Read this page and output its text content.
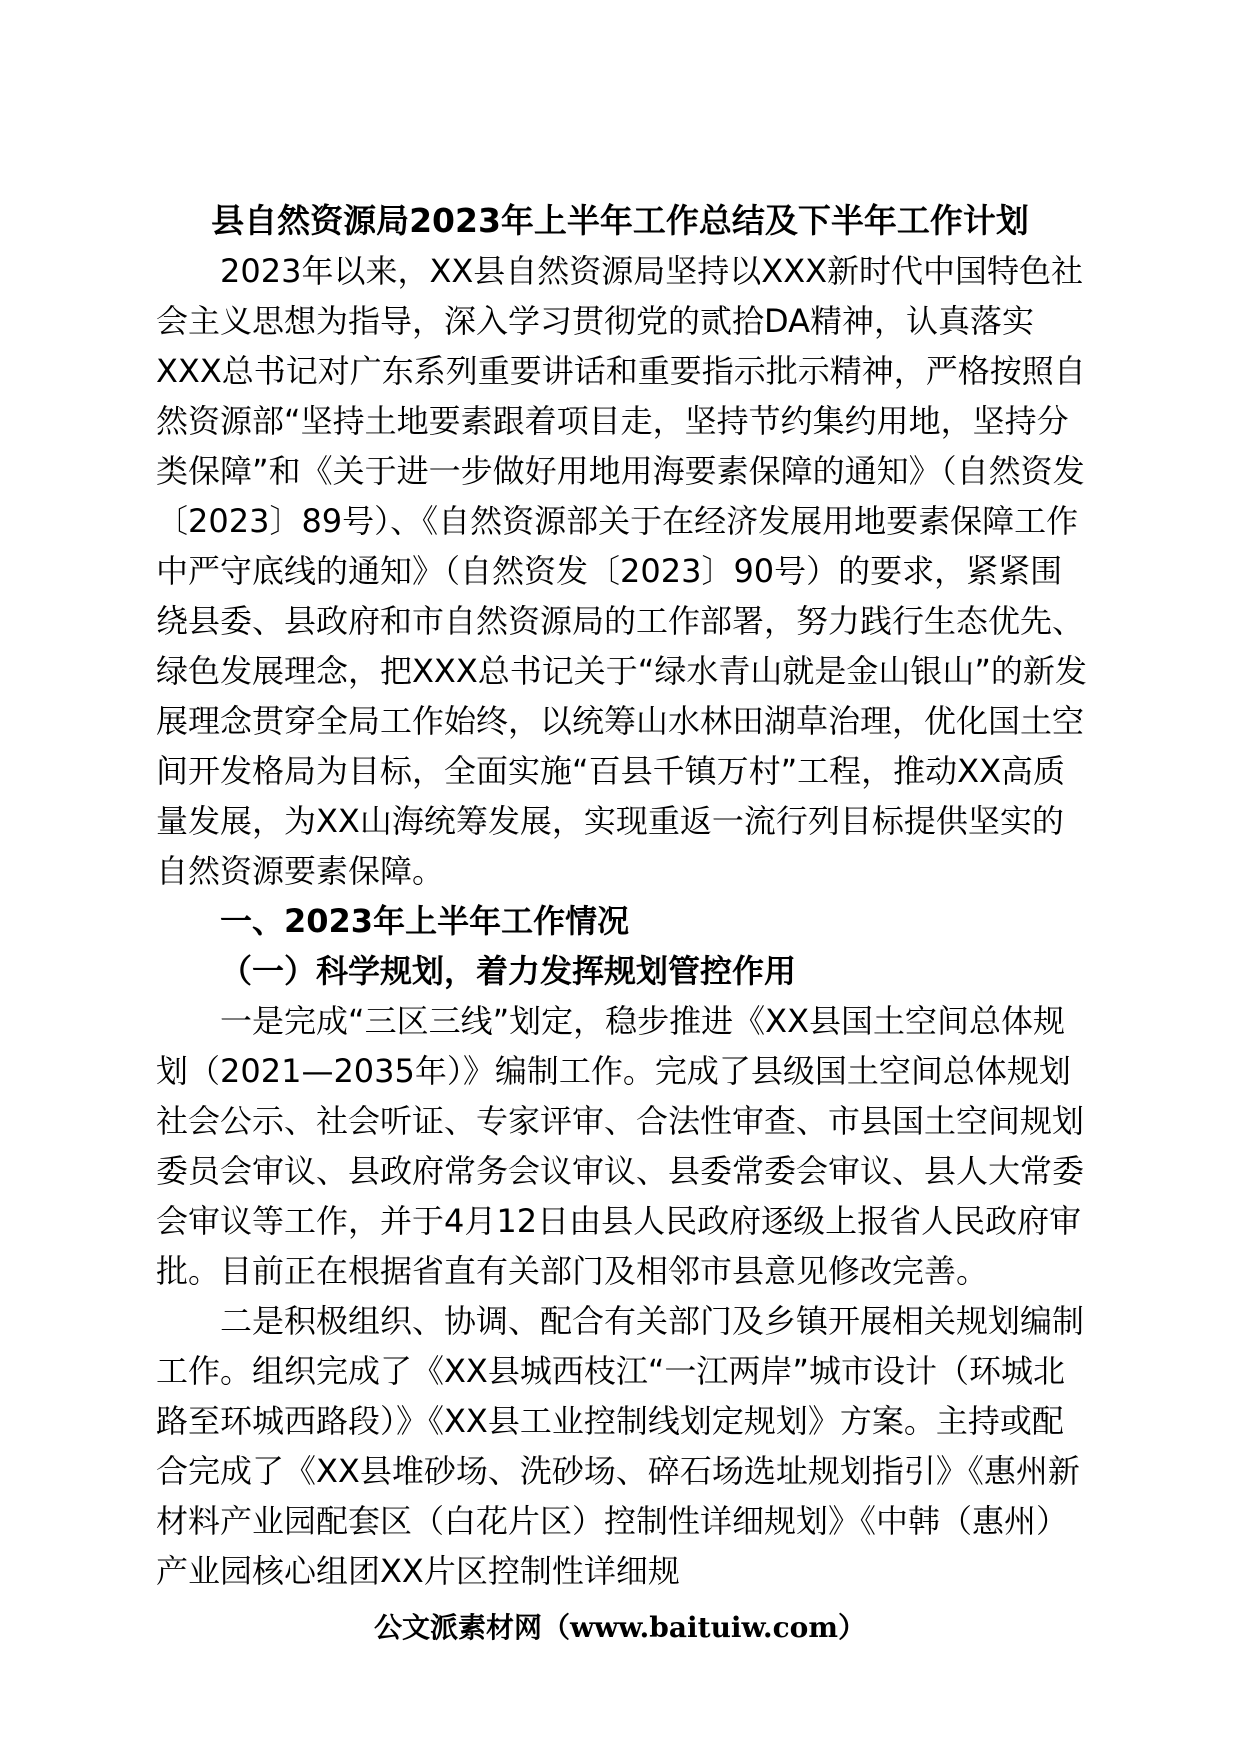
县自然资源局2023年上半年工作总结及下半年工作计划

2023年以来，XX县自然资源局坚持以XXX新时代中国特色社会主义思想为指导，深入学习贯彻党的贰拾DA精神，认真落实XXX总书记对广东系列重要讲话和重要指示批示精神，严格按照自然资源部“坚持土地要素跟着项目走，坚持节约集约用地，坚持分类保障”和《关于进一步做好用地用海要素保障的通知》（自然资发〔2023〕89号）、《自然资源部关于在经济发展用地要素保障工作中严守底线的通知》（自然资发〔2023〕90号）的要求，紧紧围绕县委、县政府和市自然资源局的工作部署，努力践行生态优先、绿色发展理念，把XXX总书记关于“绿水青山就是金山银山”的新发展理念贯穿全局工作始终，以统筹山水林田湖草治理，优化国土空间开发格局为目标，全面实施“百县千镇万村”工程，推动XX高质量发展，为XX山海统筹发展，实现重返一流行列目标提供坚实的自然资源要素保障。

一、2023年上半年工作情况

（一）科学规划，着力发挥规划管控作用

一是完成“三区三线”划定，稳步推进《XX县国土空间总体规划（2021—2035年）》编制工作。完成了县级国土空间总体规划社会公示、社会听证、专家评审、合法性审查、市县国土空间规划委员会审议、县政府常务会议审议、县委常委会审议、县人大常委会审议等工作，并于4月12日由县人民政府逐级上报省人民政府审批。目前正在根据省直有关部门及相邻市县意见修改完善。

二是积极组织、协调、配合有关部门及乡镇开展相关规划编制工作。组织完成了《XX县城西枝江“一江两岸”城市设计（环城北路至环城西路段）》《XX县工业控制线划定规划》方案。主持或配合完成了《XX县堆砂场、洗砂场、碎石场选址规划指引》《惠州新材料产业园配套区（白花片区）控制性详细规划》《中韩（惠州）产业园核心组团XX片区控制性详细规

公文派素材网（www.baituiw.com）
